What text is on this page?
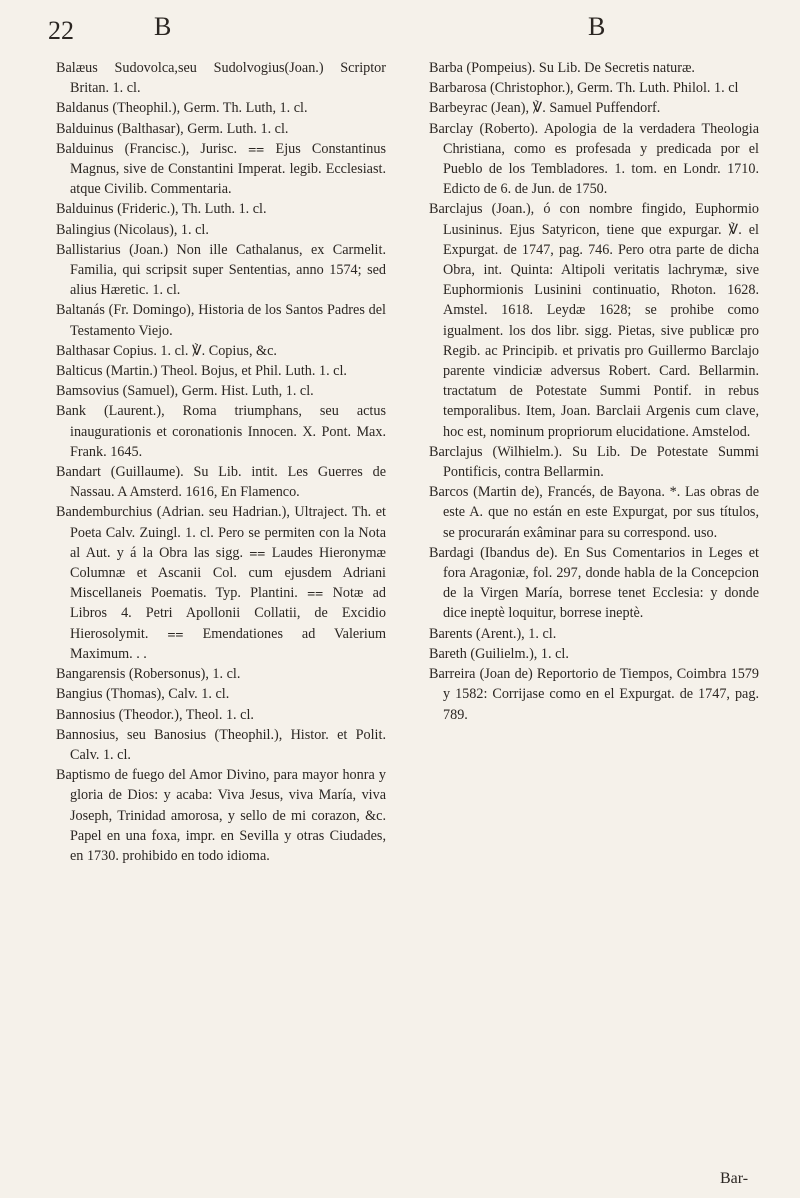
22	B	B

Balæus Sudovolca,seu Sudolvogius(Joan.) Scriptor Britan. 1. cl.

Baldanus (Theophil.), Germ. Th. Luth, 1. cl.

Balduinus (Balthasar), Germ. Luth. 1. cl.

Balduinus (Francisc.), Jurisc. ⩵ Ejus Constantinus Magnus, sive de Constantini Imperat. legib. Ecclesiast. atque Civilib. Commentaria.

Balduinus (Frideric.), Th. Luth. 1. cl.

Balingius (Nicolaus), 1. cl.

Ballistarius (Joan.) Non ille Cathalanus, ex Carmelit. Familia, qui scripsit super Sententias, anno 1574; sed alius Hæretic. 1. cl.

Baltanás (Fr. Domingo), Historia de los Santos Padres del Testamento Viejo.

Balthasar Copius. 1. cl. ℣. Copius, &c.

Balticus (Martin.) Theol. Bojus, et Phil. Luth. 1. cl.

Bamsovius (Samuel), Germ. Hist. Luth, 1. cl.

Bank (Laurent.), Roma triumphans, seu actus inaugurationis et coronationis Innocen. X. Pont. Max. Frank. 1645.

Bandart (Guillaume). Su Lib. intit. Les Guerres de Nassau. A Amsterd. 1616, En Flamenco.

Bandemburchius (Adrian. seu Hadrian.), Ultraject. Th. et Poeta Calv. Zuingl. 1. cl. Pero se permiten con la Nota al Aut. y á la Obra las sigg. ⩵ Laudes Hieronymæ Columnæ et Ascanii Col. cum ejusdem Adriani Miscellaneis Poematis. Typ. Plantini. ⩵ Notæ ad Libros 4. Petri Apollonii Collatii, de Excidio Hierosolymit. ⩵ Emendationes ad Valerium Maximum. . .

Bangarensis (Robersonus), 1. cl.

Bangius (Thomas), Calv. 1. cl.

Bannosius (Theodor.), Theol. 1. cl.

Bannosius, seu Banosius (Theophil.), Histor. et Polit. Calv. 1. cl.

Baptismo de fuego del Amor Divino, para mayor honra y gloria de Dios: y acaba: Viva Jesus, viva María, viva Joseph, Trinidad amorosa, y sello de mi corazon, &c. Papel en una foxa, impr. en Sevilla y otras Ciudades, en 1730. prohibido en todo idioma.

Barba (Pompeius). Su Lib. De Secretis naturæ.

Barbarosa (Christophor.), Germ. Th. Luth. Philol. 1. cl

Barbeyrac (Jean), ℣. Samuel Puffendorf.

Barclay (Roberto). Apologia de la verdadera Theologia Christiana, como es profesada y predicada por el Pueblo de los Tembladores. 1. tom. en Londr. 1710. Edicto de 6. de Jun. de 1750.

Barclajus (Joan.), ó con nombre fingido, Euphormio Lusininus. Ejus Satyricon, tiene que expurgar. ℣. el Expurgat. de 1747, pag. 746. Pero otra parte de dicha Obra, int. Quinta: Altipoli veritatis lachrymæ, sive Euphormionis Lusinini continuatio, Rhoton. 1628. Amstel. 1618. Leydæ 1628; se prohibe como igualment. los dos libr. sigg. Pietas, sive publicæ pro Regib. ac Principib. et privatis pro Guillermo Barclajo parente vindiciæ adversus Robert. Card. Bellarmin. tractatum de Potestate Summi Pontif. in rebus temporalibus. Item, Joan. Barclaii Argenis cum clave, hoc est, nominum propriorum elucidatione. Amstelod.

Barclajus (Wilhielm.). Su Lib. De Potestate Summi Pontificis, contra Bellarmin.

Barcos (Martin de), Francés, de Bayona. *. Las obras de este A. que no están en este Expurgat, por sus títulos, se procurarán exâminar para su correspond. uso.

Bardagi (Ibandus de). En Sus Comentarios in Leges et fora Aragoniæ, fol. 297, donde habla de la Concepcion de la Virgen María, borrese tenet Ecclesia: y donde dice ineptè loquitur, borrese ineptè.

Barents (Arent.), 1. cl.

Bareth (Guilielm.), 1. cl.

Barreira (Joan de) Reportorio de Tiempos, Coimbra 1579 y 1582: Corrijase como en el Expurgat. de 1747, pag. 789.

Bar-
